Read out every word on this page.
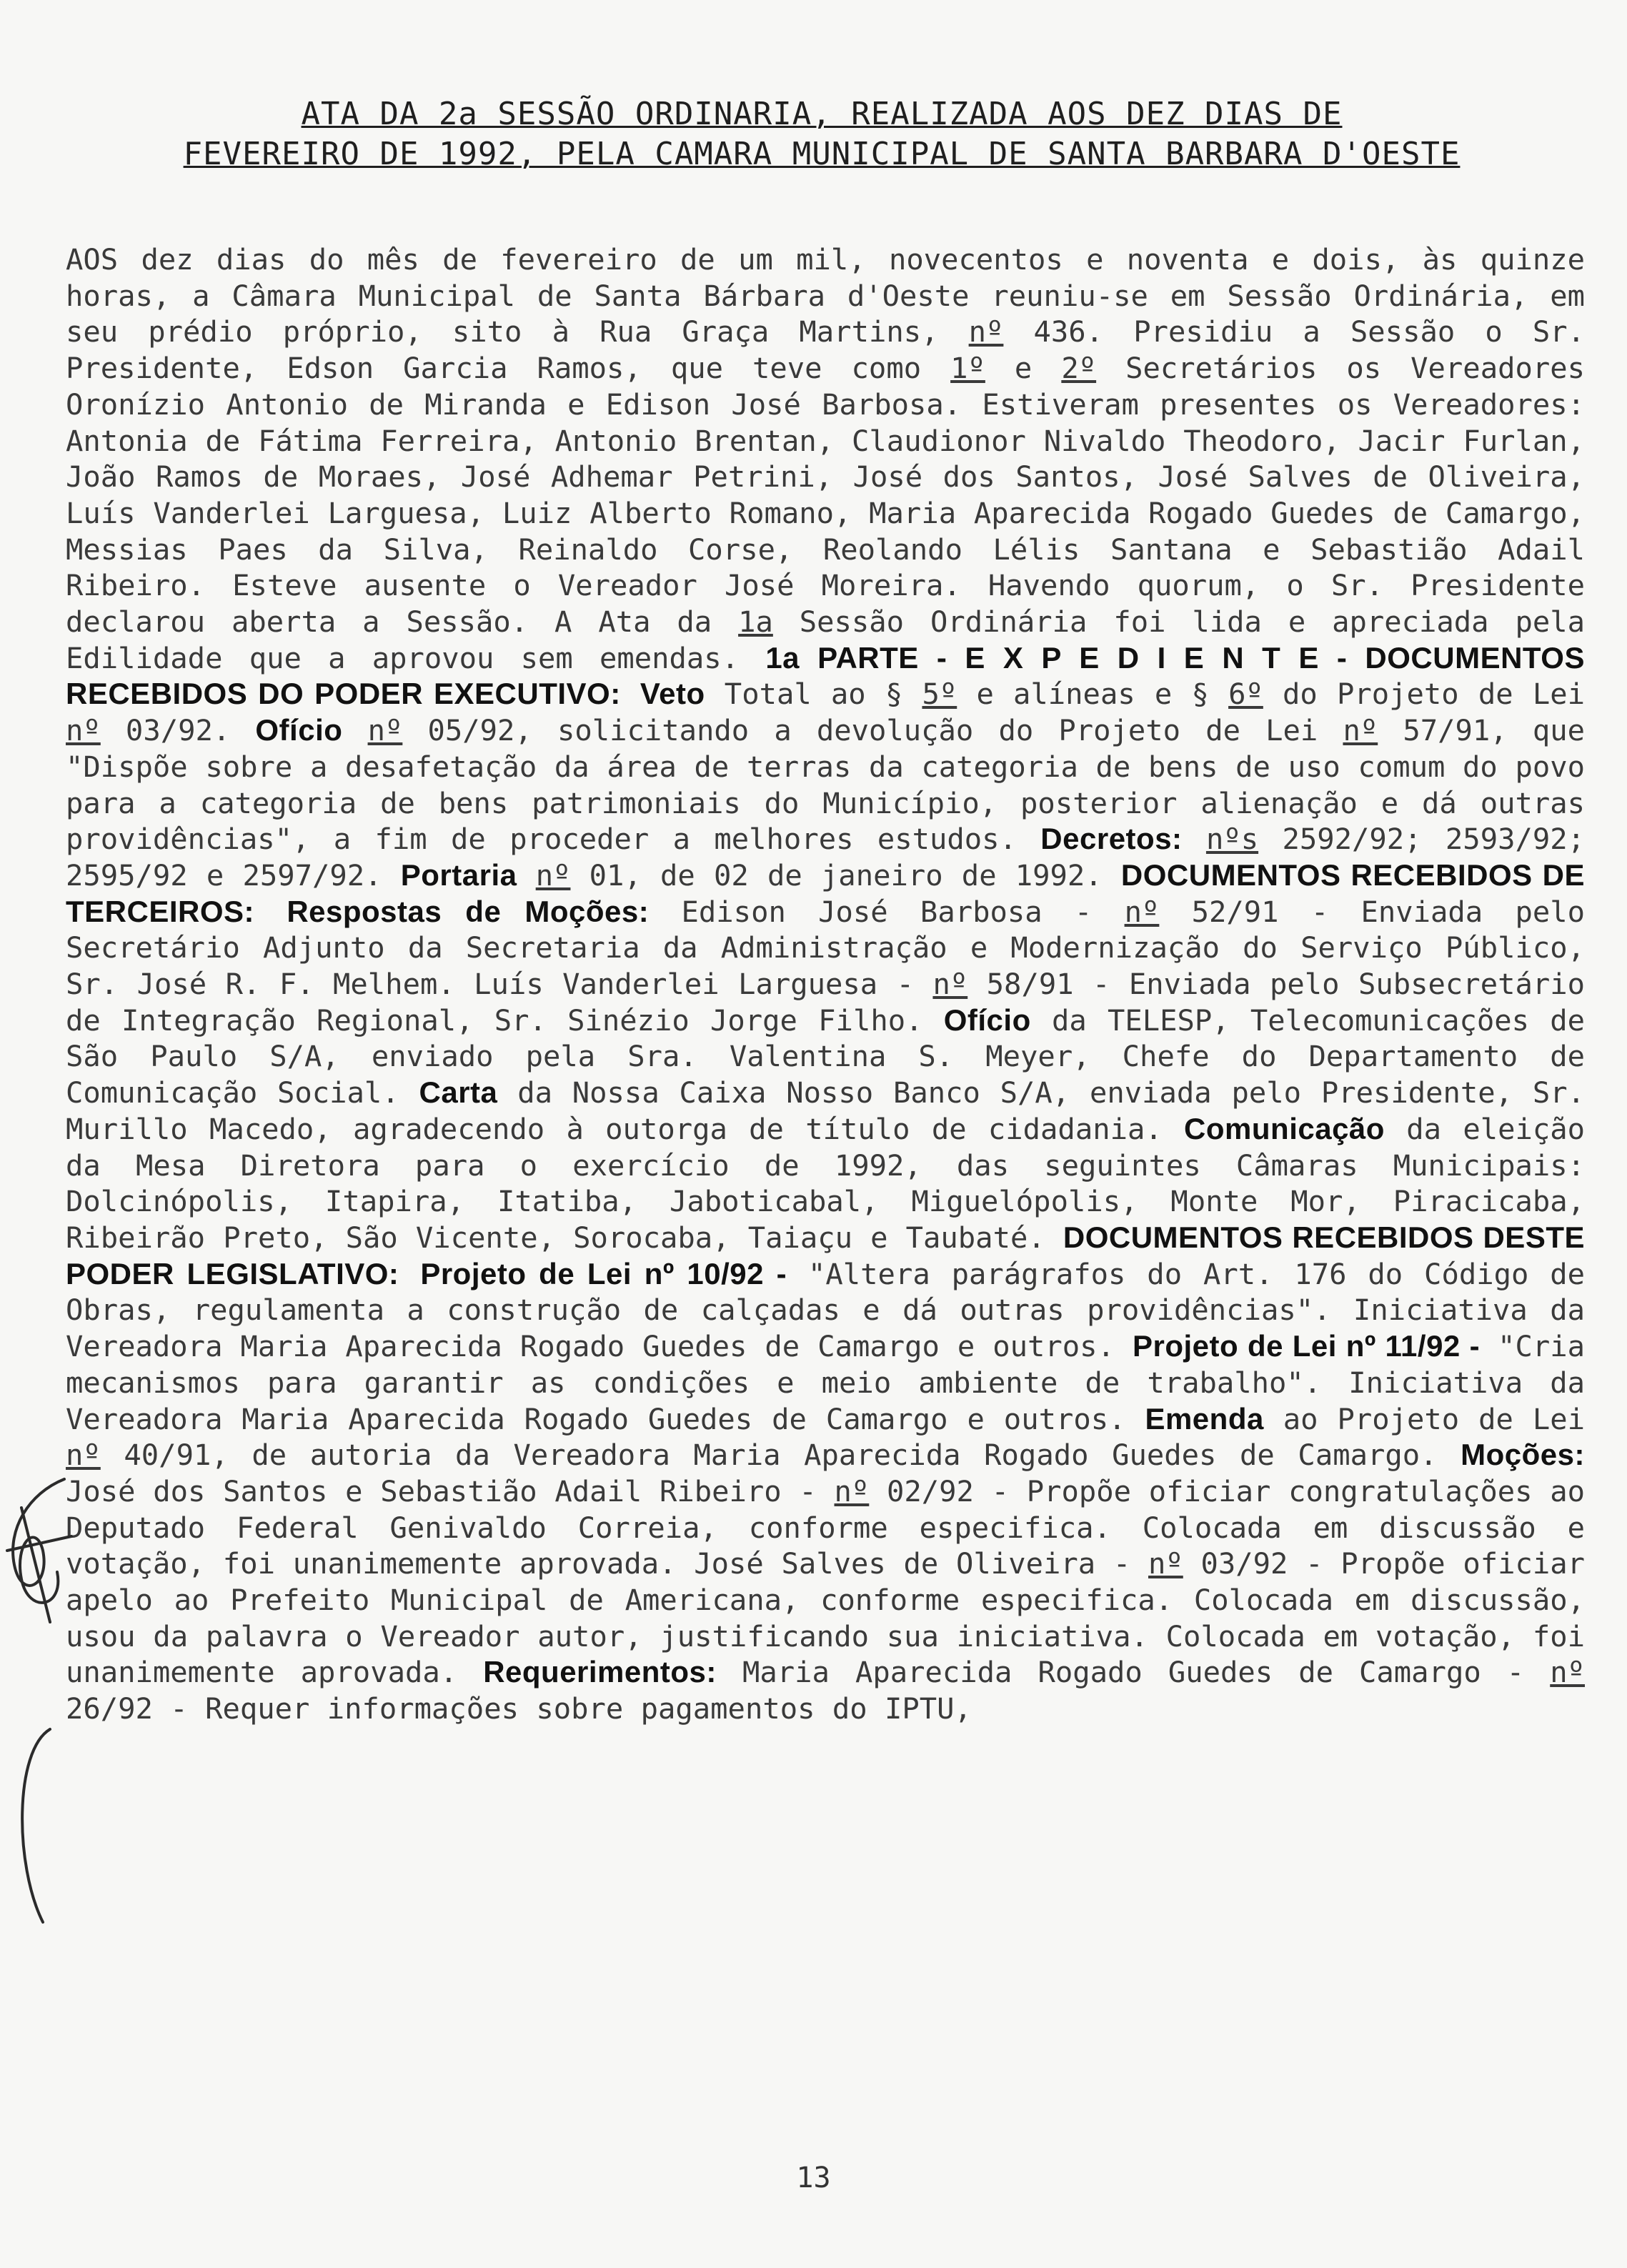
ATA DA 2a SESSÃO ORDINARIA, REALIZADA AOS DEZ DIAS DE
FEVEREIRO DE 1992, PELA CAMARA MUNICIPAL DE SANTA BARBARA D'OESTE
AOS dez dias do mês de fevereiro de um mil, novecentos e noventa e dois, às quinze horas, a Câmara Municipal de Santa Bárbara d'Oeste reuniu-se em Sessão Ordinária, em seu prédio próprio, sito à Rua Graça Martins, nº 436. Presidiu a Sessão o Sr. Presidente, Edson Garcia Ramos, que teve como 1º e 2º Secretários os Vereadores Oronízio Antonio de Miranda e Edison José Barbosa. Estiveram presentes os Vereadores: Antonia de Fátima Ferreira, Antonio Brentan, Claudionor Nivaldo Theodoro, Jacir Furlan, João Ramos de Moraes, José Adhemar Petrini, José dos Santos, José Salves de Oliveira, Luís Vanderlei Larguesa, Luiz Alberto Romano, Maria Aparecida Rogado Guedes de Camargo, Messias Paes da Silva, Reinaldo Corse, Reolando Lélis Santana e Sebastião Adail Ribeiro. Esteve ausente o Vereador José Moreira. Havendo quorum, o Sr. Presidente declarou aberta a Sessão. A Ata da 1a Sessão Ordinária foi lida e apreciada pela Edilidade que a aprovou sem emendas. 1a PARTE - E X P E D I E N T E - DOCUMENTOS RECEBIDOS DO PODER EXECUTIVO: Veto Total ao § 5º e alíneas e § 6º do Projeto de Lei nº 03/92. Ofício nº 05/92, solicitando a devolução do Projeto de Lei nº 57/91, que "Dispõe sobre a desafetação da área de terras da categoria de bens de uso comum do povo para a categoria de bens patrimoniais do Município, posterior alienação e dá outras providências", a fim de proceder a melhores estudos. Decretos: nºs 2592/92; 2593/92; 2595/92 e 2597/92. Portaria nº 01, de 02 de janeiro de 1992. DOCUMENTOS RECEBIDOS DE TERCEIROS: Respostas de Moções: Edison José Barbosa - nº 52/91 - Enviada pelo Secretário Adjunto da Secretaria da Administração e Modernização do Serviço Público, Sr. José R. F. Melhem. Luís Vanderlei Larguesa - nº 58/91 - Enviada pelo Subsecretário de Integração Regional, Sr. Sinézio Jorge Filho. Ofício da TELESP, Telecomunicações de São Paulo S/A, enviado pela Sra. Valentina S. Meyer, Chefe do Departamento de Comunicação Social. Carta da Nossa Caixa Nosso Banco S/A, enviada pelo Presidente, Sr. Murillo Macedo, agradecendo à outorga de título de cidadania. Comunicação da eleição da Mesa Diretora para o exercício de 1992, das seguintes Câmaras Municipais: Dolcinópolis, Itapira, Itatiba, Jaboticabal, Miguelópolis, Monte Mor, Piracicaba, Ribeirão Preto, São Vicente, Sorocaba, Taiaçu e Taubaté. DOCUMENTOS RECEBIDOS DESTE PODER LEGISLATIVO: Projeto de Lei nº 10/92 - "Altera parágrafos do Art. 176 do Código de Obras, regulamenta a construção de calçadas e dá outras providências". Iniciativa da Vereadora Maria Aparecida Rogado Guedes de Camargo e outros. Projeto de Lei nº 11/92 - "Cria mecanismos para garantir as condições e meio ambiente de trabalho". Iniciativa da Vereadora Maria Aparecida Rogado Guedes de Camargo e outros. Emenda ao Projeto de Lei nº 40/91, de autoria da Vereadora Maria Aparecida Rogado Guedes de Camargo. Moções: José dos Santos e Sebastião Adail Ribeiro - nº 02/92 - Propõe oficiar congratulações ao Deputado Federal Genivaldo Correia, conforme especifica. Colocada em discussão e votação, foi unanimemente aprovada. José Salves de Oliveira - nº 03/92 - Propõe oficiar apelo ao Prefeito Municipal de Americana, conforme especifica. Colocada em discussão, usou da palavra o Vereador autor, justificando sua iniciativa. Colocada em votação, foi unanimemente aprovada. Requerimentos: Maria Aparecida Rogado Guedes de Camargo - nº 26/92 - Requer informações sobre pagamentos do IPTU,
13
